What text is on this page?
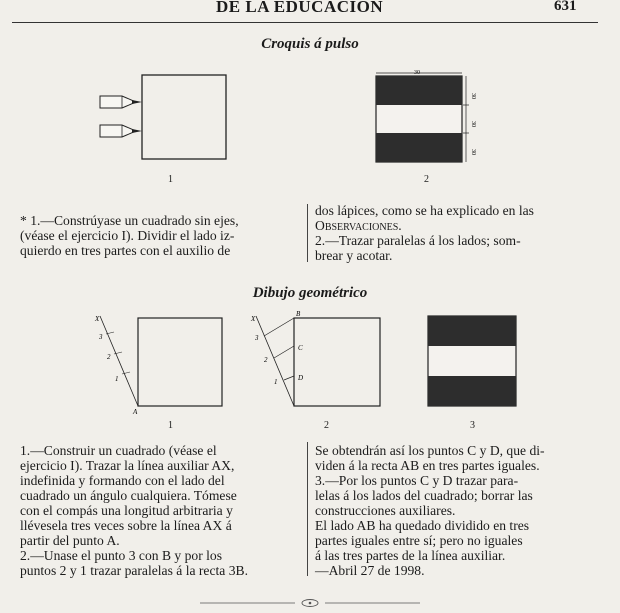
DE LA EDUCACION	631
Croquis á pulso
1
30
30
30
30
2
* 1.—Constrúyase un cuadrado sin ejes,
(véase el ejercicio I). Dividir el lado iz-
quierdo en tres partes con el auxilio de
dos lápices, como se ha explicado en las
Observaciones.
2.—Trazar paralelas á los lados; som-
brear y acotar.
Dibujo geométrico
X
3
2
1
A
1
X
B
3
C
2
D
1
2	3
1.—Construir un cuadrado (véase el
ejercicio I). Trazar la línea auxiliar AX,
indefinida y formando con el lado del
cuadrado un ángulo cualquiera. Tómese
con el compás una longitud arbitraria y
llévesela tres veces sobre la línea AX á
partir del punto A.
2.—Unase el punto 3 con B y por los
puntos 2 y 1 trazar paralelas á la recta 3B.
Se obtendrán así los puntos C y D, que di-
viden á la recta AB en tres partes iguales.
3.—Por los puntos C y D trazar para-
lelas á los lados del cuadrado; borrar las
construcciones auxiliares.
El lado AB ha quedado dividido en tres
partes iguales entre sí; pero no iguales
á las tres partes de la línea auxiliar.
—Abril 27 de 1998.
